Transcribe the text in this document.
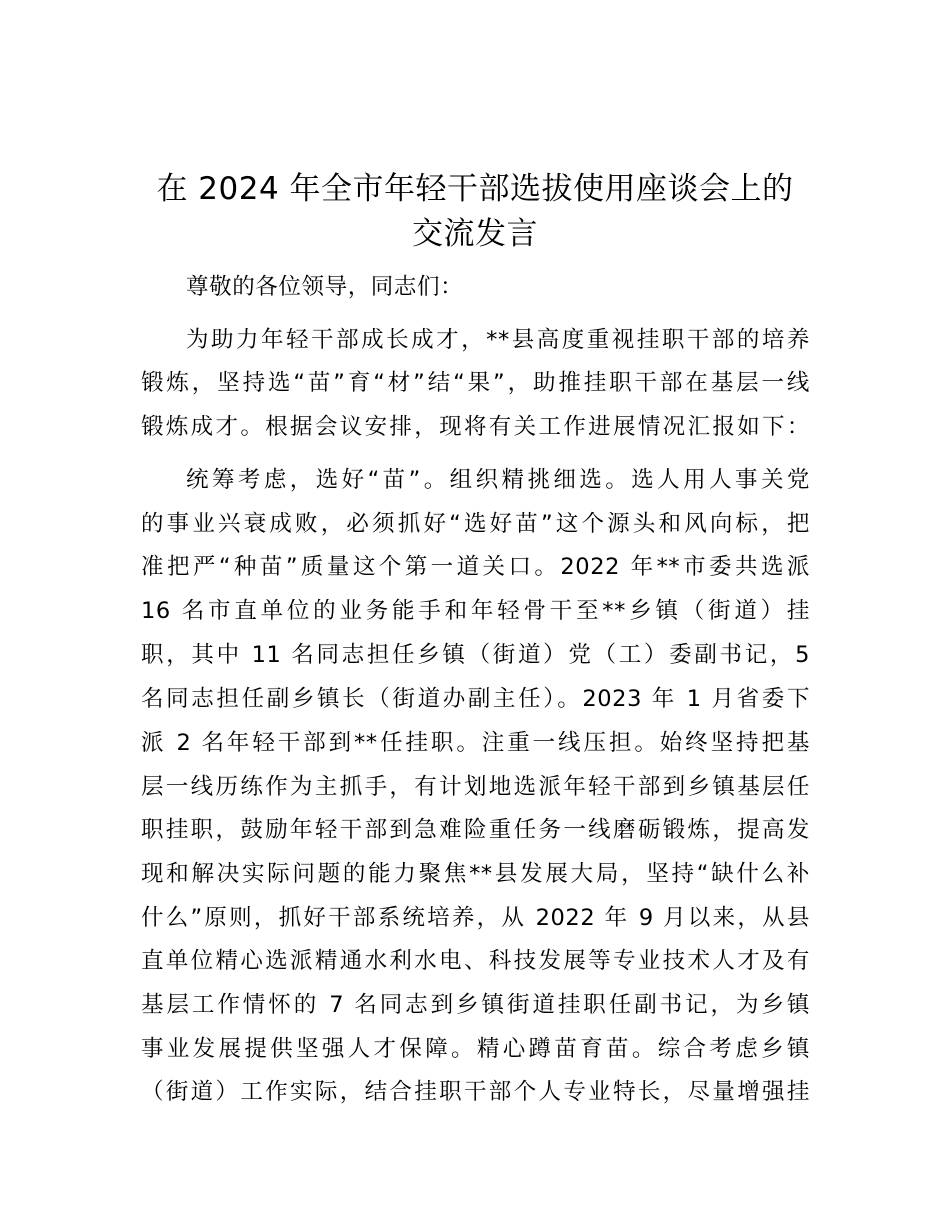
在 2024 年全市年轻干部选拔使用座谈会上的
交流发言
尊敬的各位领导，同志们：
为助力年轻干部成长成才，**县高度重视挂职干部的培养
锻炼，坚持选“苗”育“材”结“果”，助推挂职干部在基层一线
锻炼成才。根据会议安排，现将有关工作进展情况汇报如下：
统筹考虑，选好“苗”。组织精挑细选。选人用人事关党
的事业兴衰成败，必须抓好“选好苗”这个源头和风向标，把
准把严“种苗”质量这个第一道关口。2022 年**市委共选派
16 名市直单位的业务能手和年轻骨干至**乡镇（街道）挂
职，其中 11 名同志担任乡镇（街道）党（工）委副书记，5
名同志担任副乡镇长（街道办副主任）。2023 年 1 月省委下
派 2 名年轻干部到**任挂职。注重一线压担。始终坚持把基
层一线历练作为主抓手，有计划地选派年轻干部到乡镇基层任
职挂职，鼓励年轻干部到急难险重任务一线磨砺锻炼，提高发
现和解决实际问题的能力聚焦**县发展大局，坚持“缺什么补
什么”原则，抓好干部系统培养，从 2022 年 9 月以来，从县
直单位精心选派精通水利水电、科技发展等专业技术人才及有
基层工作情怀的 7 名同志到乡镇街道挂职任副书记，为乡镇
事业发展提供坚强人才保障。精心蹲苗育苗。综合考虑乡镇
（街道）工作实际，结合挂职干部个人专业特长，尽量增强挂
